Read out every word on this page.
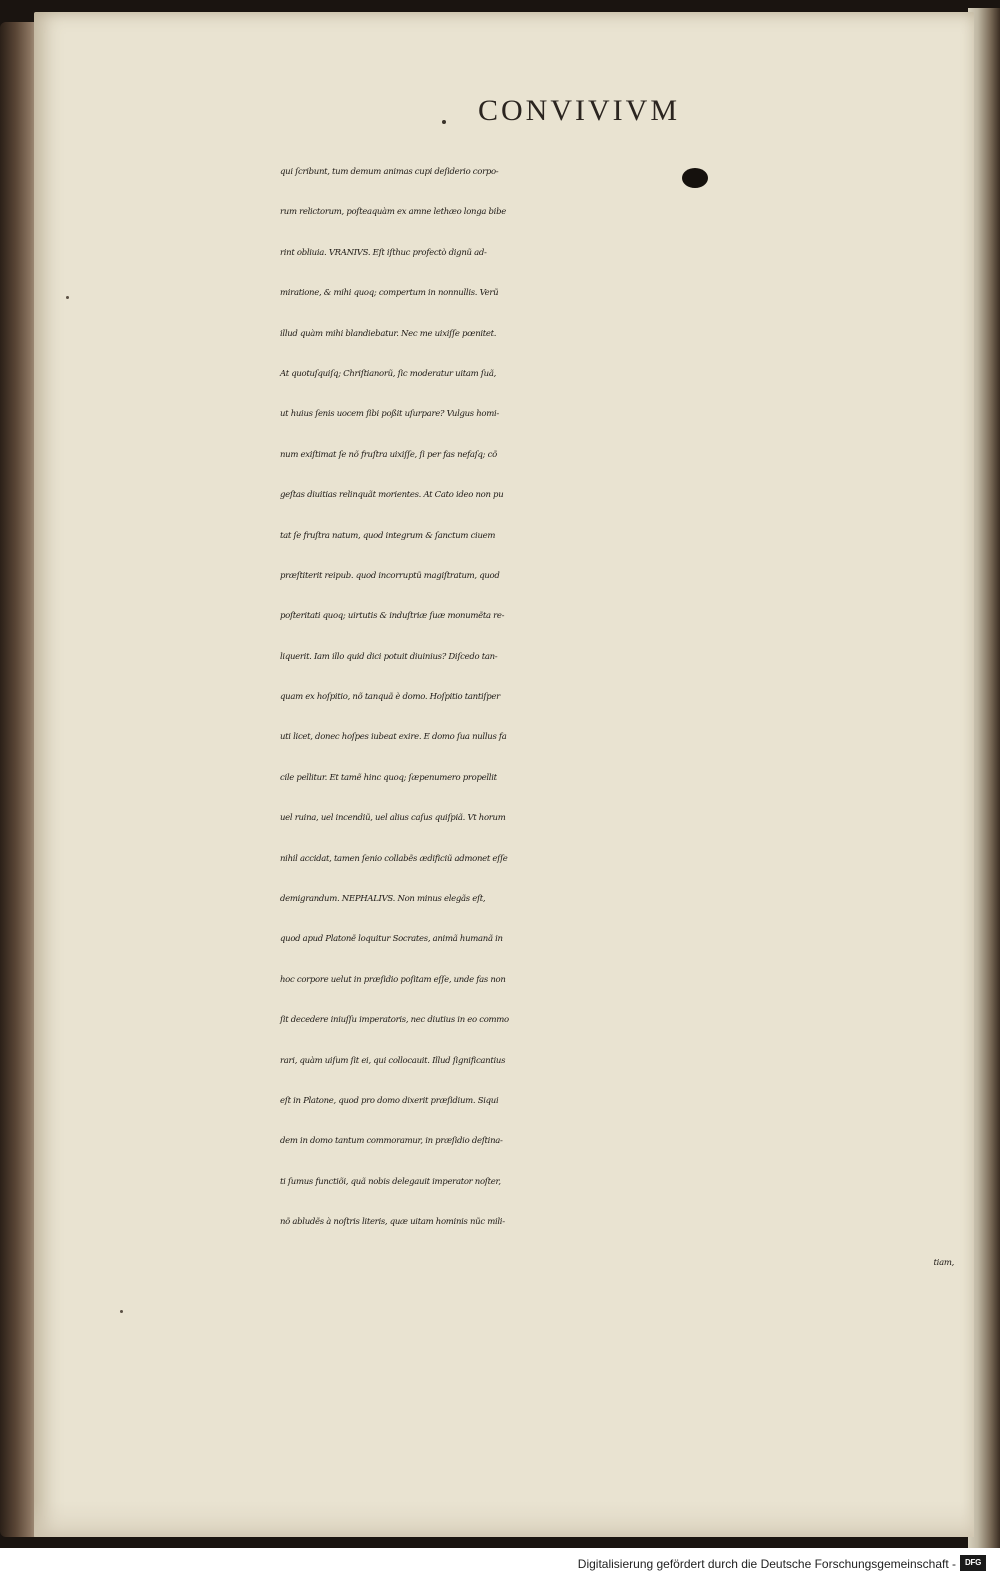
CONVIVIVM
qui ſcribunt, tum demum animas cupi deſiderio corpo-
rum relictorum, poſteaquàm ex amne lethæo longa bibe
rint obliuia. VRANIVS. Eſt iſthuc profectò dignũ ad-
miratione, & mihi quoq; compertum in nonnullis. Verũ
illud quàm mihi blandiebatur. Nec me uixiſſe pœnitet.
At quotuſquiſq; Chriſtianorũ, ſic moderatur uitam ſuã,
ut huius ſenis uocem ſibi poßit uſurpare? Vulgus homi-
num exiſtimat ſe nõ fruſtra uixiſſe, ſi per fas nefaſq; cõ
geſtas diuitias relinquãt morientes. At Cato ideo non pu
tat ſe fruſtra natum, quod integrum & ſanctum ciuem
præſtiterit reipub. quod incorruptũ magiſtratum, quod
poſteritati quoq; uirtutis & induſtriæ ſuæ monumẽta re-
liquerit. Iam illo quid dici potuit diuinius? Diſcedo tan-
quam ex hoſpitio, nõ tanquã è domo. Hoſpitio tantiſper
uti licet, donec hoſpes iubeat exire. E domo ſua nullus fa
cile pellitur. Et tamẽ hinc quoq; ſæpenumero propellit
uel ruina, uel incendiũ, uel alius caſus quiſpiã. Vt horum
nihil accidat, tamen ſenio collabẽs ædificiũ admonet eſſe
demigrandum. NEPHALIVS. Non minus elegãs eſt,
quod apud Platonẽ loquitur Socrates, animã humanã in
hoc corpore uelut in præſidio poſitam eſſe, unde fas non
ſit decedere iniuſſu imperatoris, nec diutius in eo commo
rari, quàm uiſum ſit ei, qui collocauit. Illud ſignificantius
eſt in Platone, quod pro domo dixerit præſidium. Siqui
dem in domo tantum commoramur, in præſidio deſtina-
ti ſumus functiõi, quã nobis delegauit imperator noſter,
nõ abludẽs à noſtris literis, quæ uitam hominis nũc mili-
tiam,
Digitalisierung gefördert durch die Deutsche Forschungsgemeinschaft -	DFG
